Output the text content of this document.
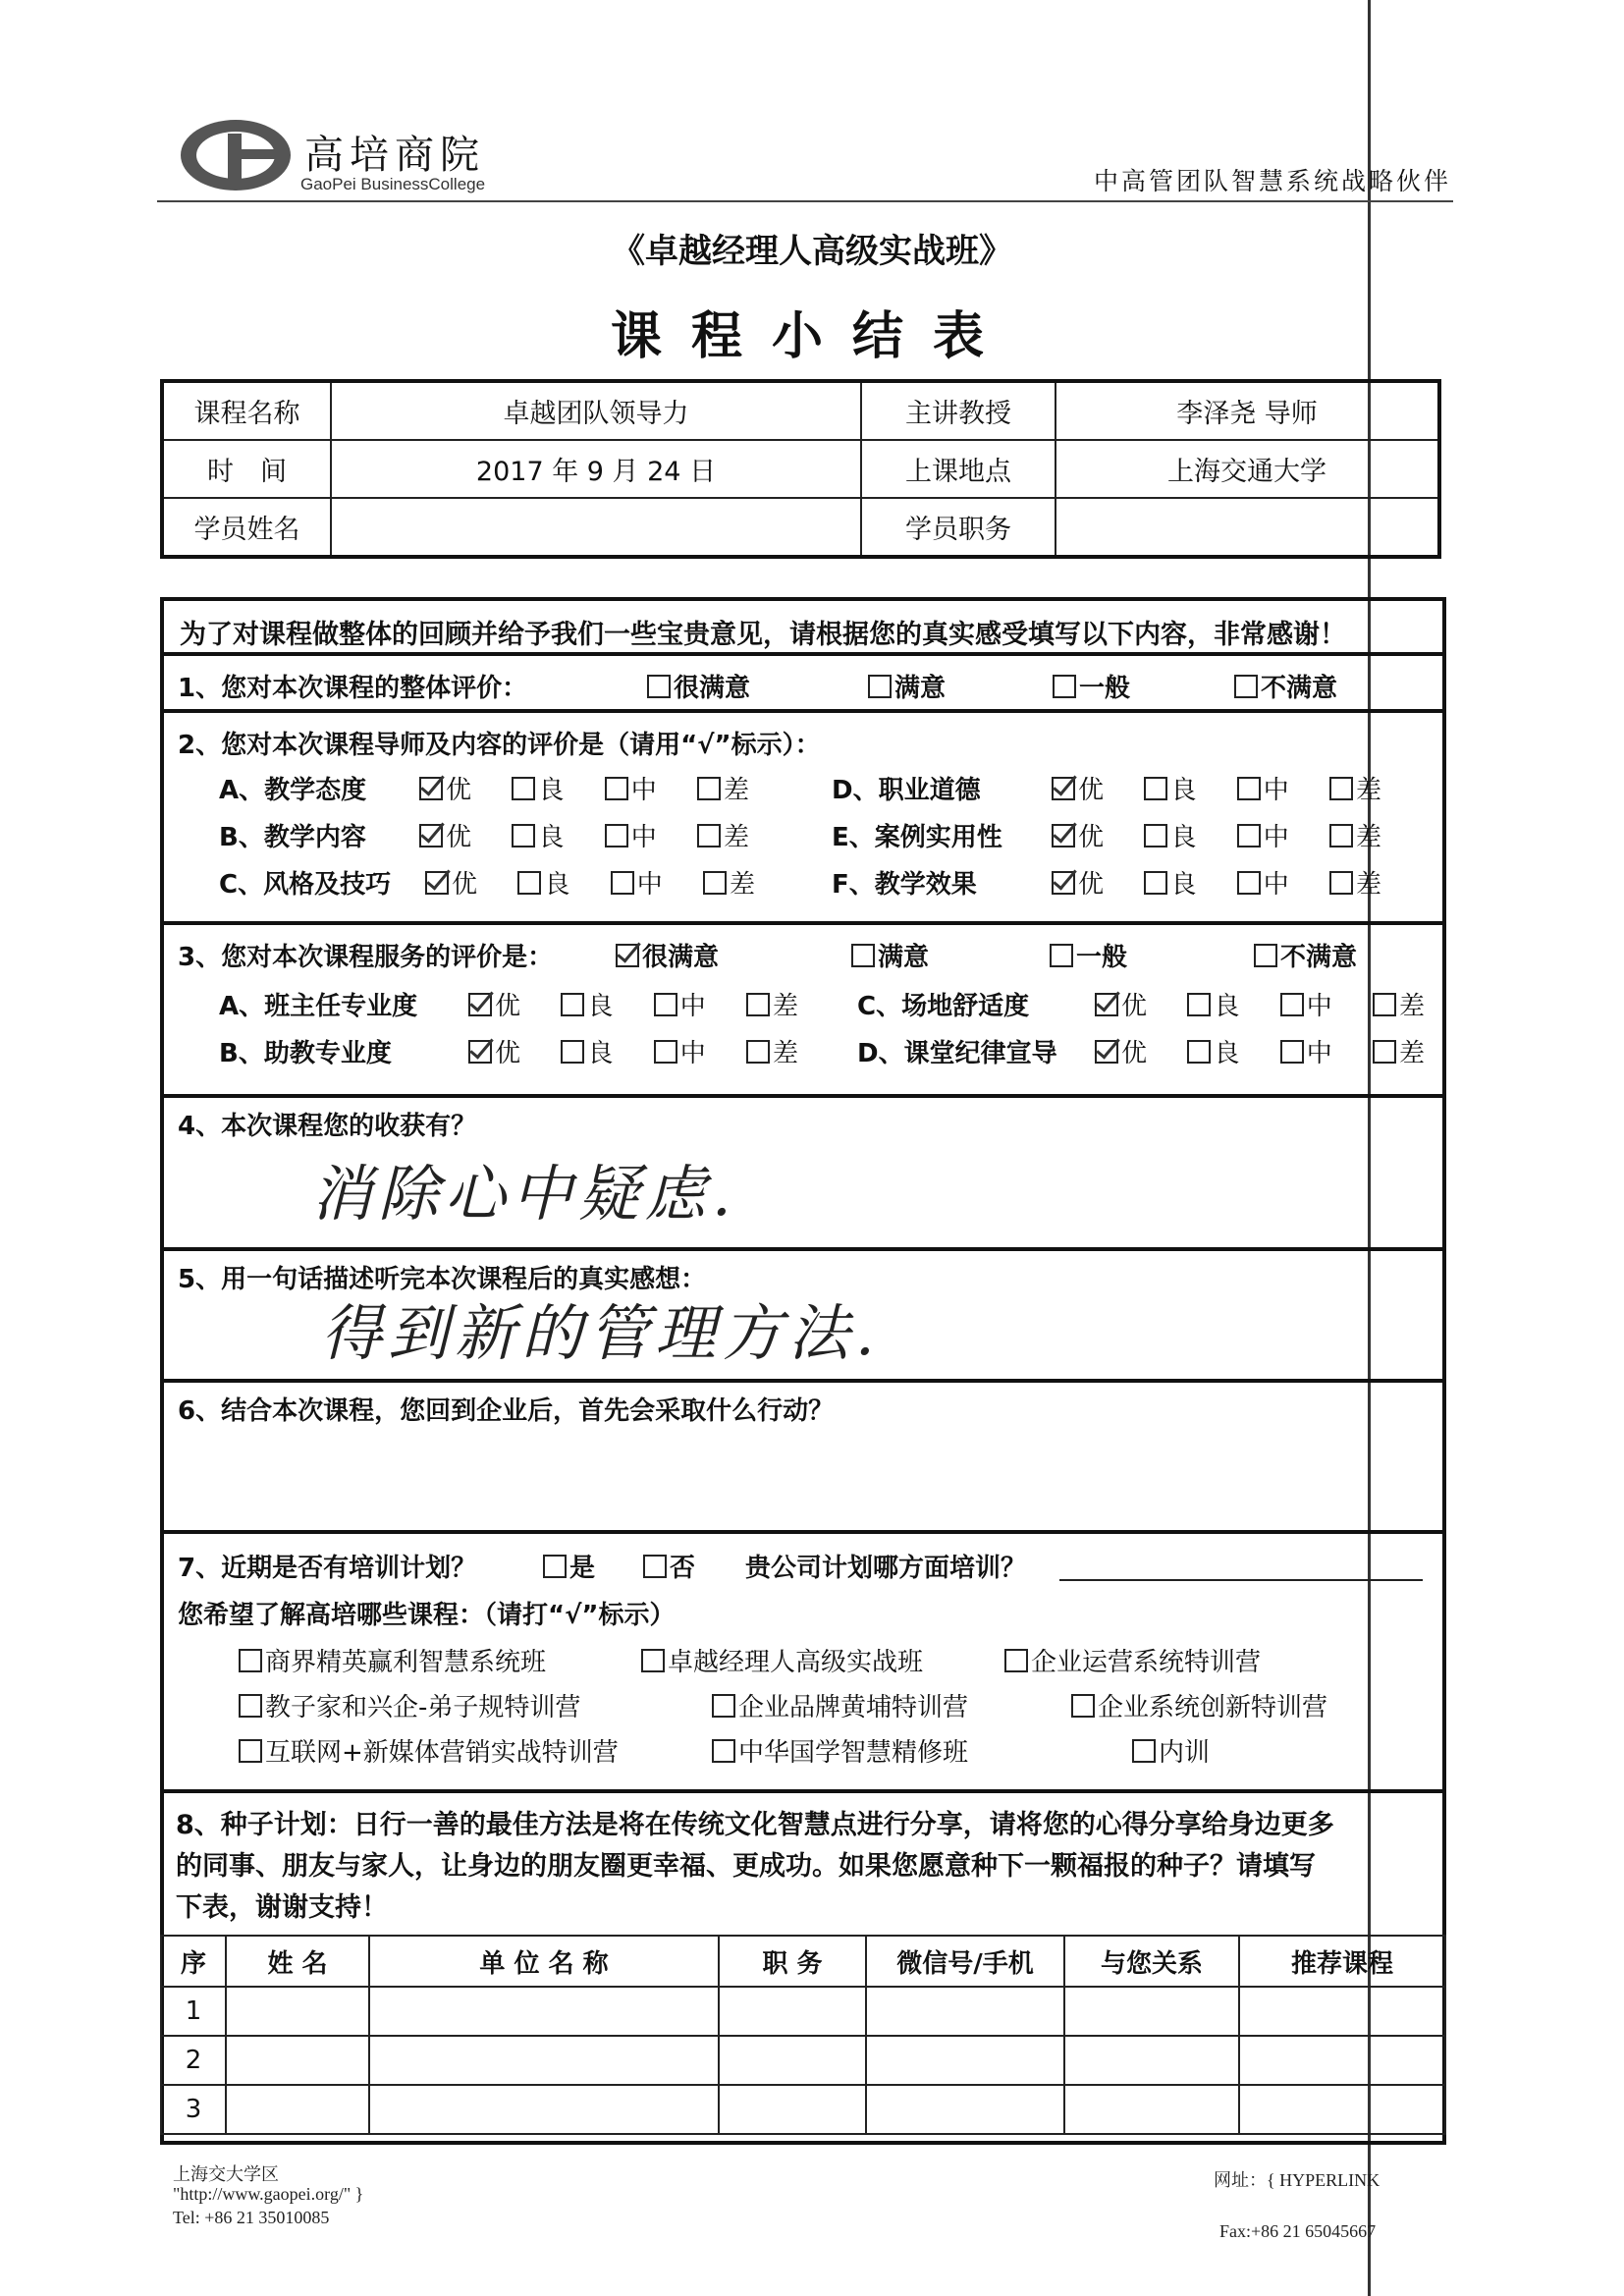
高培商院
GaoPei BusinessCollege	中高管团队智慧系统战略伙伴
《卓越经理人高级实战班》
课程小结表
课程名称	卓越团队领导力	主讲教授	李泽尧 导师
时　间	2017 年 9 月 24 日	上课地点	上海交通大学
学员姓名		学员职务	
为了对课程做整体的回顾并给予我们一些宝贵意见，请根据您的真实感受填写以下内容，非常感谢！
1、您对本次课程的整体评价：	很满意	满意	一般	不满意
2、您对本次课程导师及内容的评价是（请用“√”标示）：
A、教学态度	优	良	中	差	D、职业道德	优	良	中	差
B、教学内容	优	良	中	差	E、案例实用性	优	良	中	差
C、风格及技巧	优	良	中	差	F、教学效果	优	良	中	差
3、您对本次课程服务的评价是：	很满意	满意	一般	不满意
A、班主任专业度	优	良	中	差 C、场地舒适度	优	良	中	差
B、助教专业度	优	良	中	差 D、课堂纪律宣导	优	良	中	差
4、本次课程您的收获有？
消除心中疑虑.
5、用一句话描述听完本次课程后的真实感想：
得到新的管理方法.
6、结合本次课程，您回到企业后，首先会采取什么行动？
7、近期是否有培训计划？	是	否 贵公司计划哪方面培训？
您希望了解高培哪些课程：（请打“√”标示）
商界精英赢利智慧系统班	卓越经理人高级实战班	企业运营系统特训营
教子家和兴企-弟子规特训营	企业品牌黄埔特训营	企业系统创新特训营
互联网+新媒体营销实战特训营	中华国学智慧精修班	内训
8、种子计划：日行一善的最佳方法是将在传统文化智慧点进行分享，请将您的心得分享给身边更多
的同事、朋友与家人，让身边的朋友圈更幸福、更成功。如果您愿意种下一颗福报的种子？请填写
下表，谢谢支持！
序	姓 名	单 位 名 称	职 务	微信号/手机	与您关系	推荐课程
1						
2						
3						
上海交大学区
"http://www.gaopei.org/" }
Tel: +86 21 35010085
网址：{ HYPERLINK
Fax:+86 21 65045667
